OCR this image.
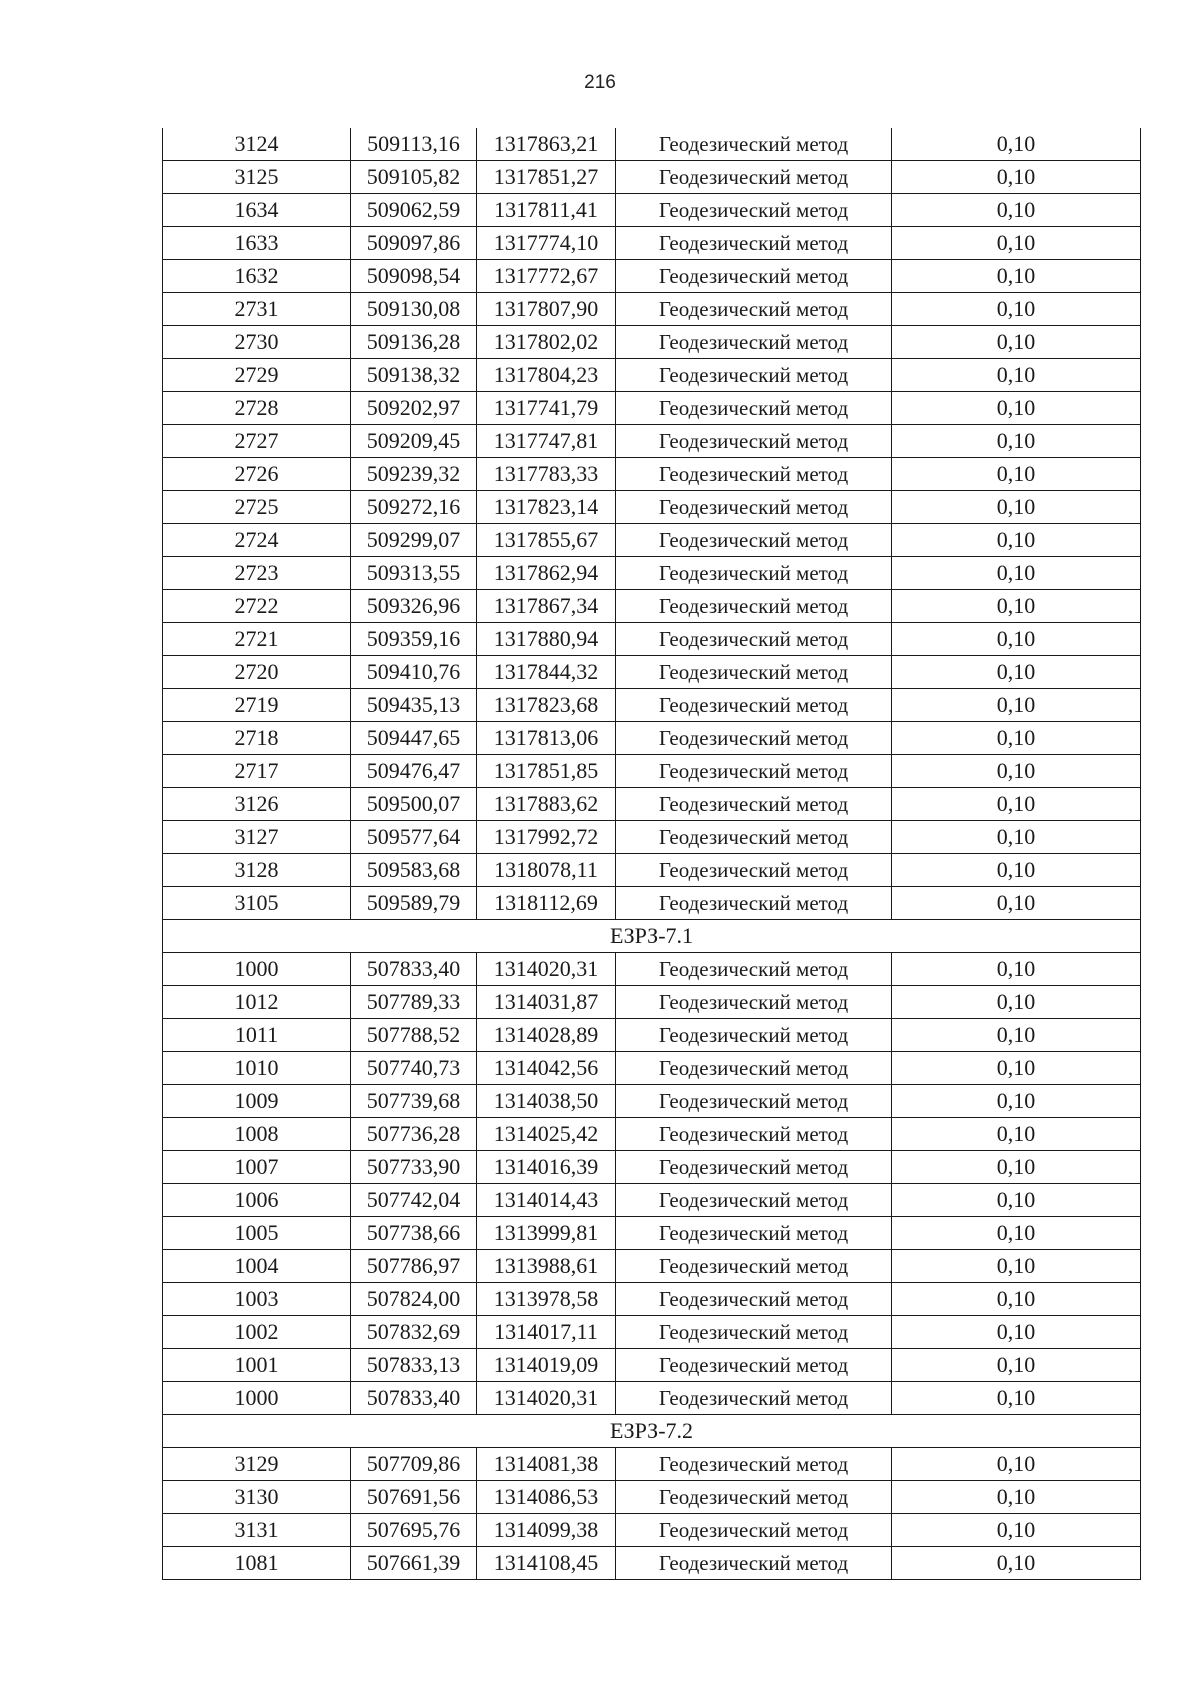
216
3124	509113,16	1317863,21	Геодезический метод	0,10
3125	509105,82	1317851,27	Геодезический метод	0,10
1634	509062,59	1317811,41	Геодезический метод	0,10
1633	509097,86	1317774,10	Геодезический метод	0,10
1632	509098,54	1317772,67	Геодезический метод	0,10
2731	509130,08	1317807,90	Геодезический метод	0,10
2730	509136,28	1317802,02	Геодезический метод	0,10
2729	509138,32	1317804,23	Геодезический метод	0,10
2728	509202,97	1317741,79	Геодезический метод	0,10
2727	509209,45	1317747,81	Геодезический метод	0,10
2726	509239,32	1317783,33	Геодезический метод	0,10
2725	509272,16	1317823,14	Геодезический метод	0,10
2724	509299,07	1317855,67	Геодезический метод	0,10
2723	509313,55	1317862,94	Геодезический метод	0,10
2722	509326,96	1317867,34	Геодезический метод	0,10
2721	509359,16	1317880,94	Геодезический метод	0,10
2720	509410,76	1317844,32	Геодезический метод	0,10
2719	509435,13	1317823,68	Геодезический метод	0,10
2718	509447,65	1317813,06	Геодезический метод	0,10
2717	509476,47	1317851,85	Геодезический метод	0,10
3126	509500,07	1317883,62	Геодезический метод	0,10
3127	509577,64	1317992,72	Геодезический метод	0,10
3128	509583,68	1318078,11	Геодезический метод	0,10
3105	509589,79	1318112,69	Геодезический метод	0,10
ЕЗРЗ-7.1				
1000	507833,40	1314020,31	Геодезический метод	0,10
1012	507789,33	1314031,87	Геодезический метод	0,10
1011	507788,52	1314028,89	Геодезический метод	0,10
1010	507740,73	1314042,56	Геодезический метод	0,10
1009	507739,68	1314038,50	Геодезический метод	0,10
1008	507736,28	1314025,42	Геодезический метод	0,10
1007	507733,90	1314016,39	Геодезический метод	0,10
1006	507742,04	1314014,43	Геодезический метод	0,10
1005	507738,66	1313999,81	Геодезический метод	0,10
1004	507786,97	1313988,61	Геодезический метод	0,10
1003	507824,00	1313978,58	Геодезический метод	0,10
1002	507832,69	1314017,11	Геодезический метод	0,10
1001	507833,13	1314019,09	Геодезический метод	0,10
1000	507833,40	1314020,31	Геодезический метод	0,10
ЕЗРЗ-7.2				
3129	507709,86	1314081,38	Геодезический метод	0,10
3130	507691,56	1314086,53	Геодезический метод	0,10
3131	507695,76	1314099,38	Геодезический метод	0,10
1081	507661,39	1314108,45	Геодезический метод	0,10
